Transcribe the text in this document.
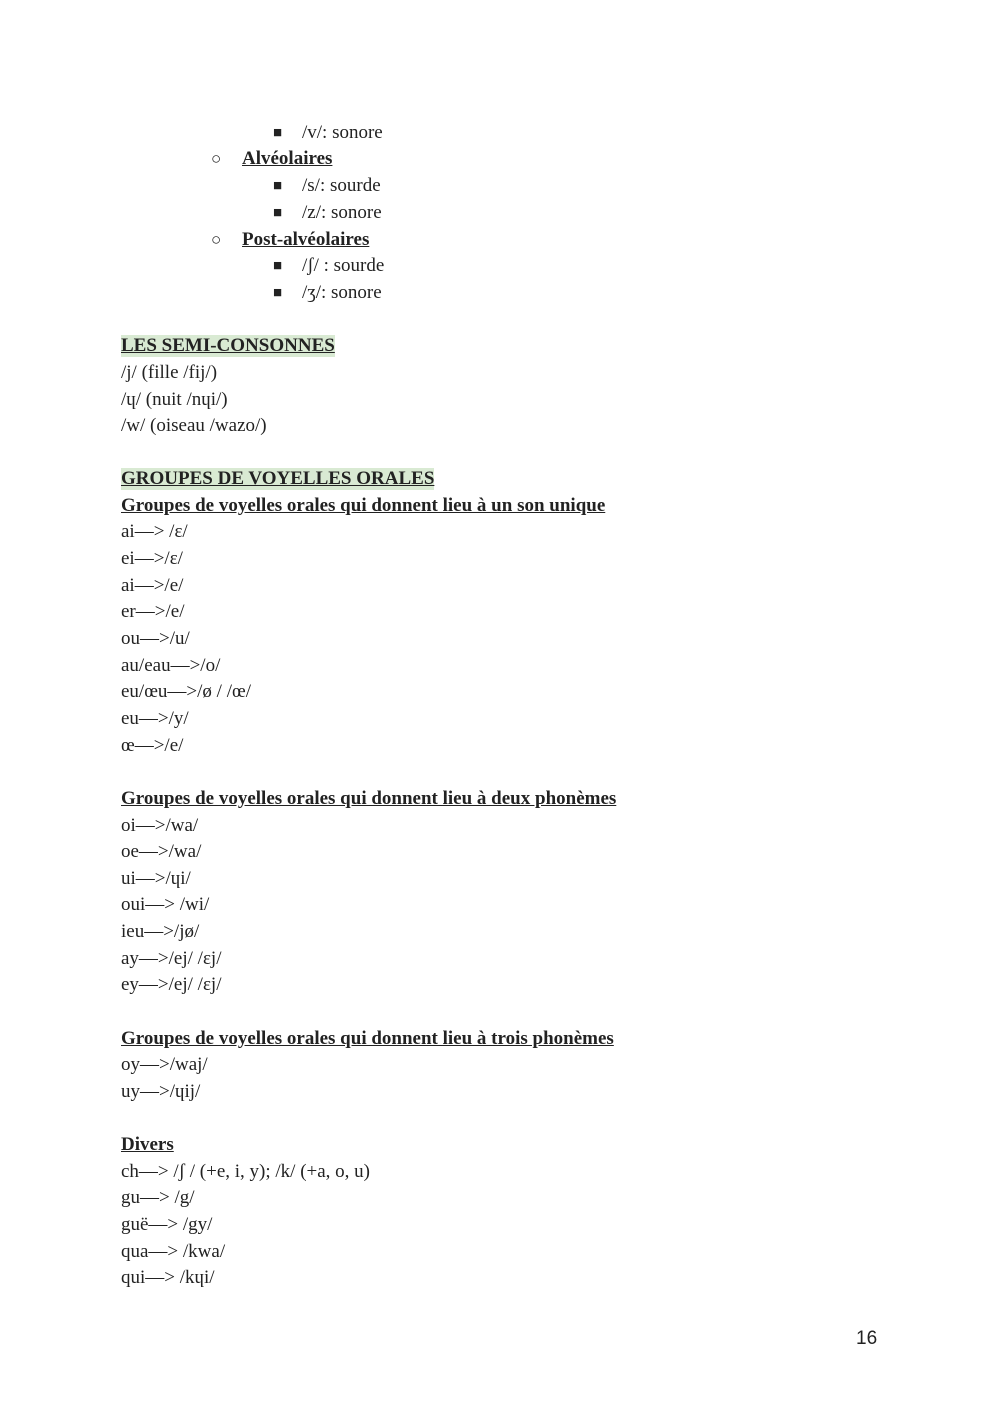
■ /v/: sonore
○ Alvéolaires
■ /s/: sourde
■ /z/: sonore
○ Post-alvéolaires
■ /ʃ/ : sourde
■ /ʒ/: sonore
LES SEMI-CONSONNES
/j/ (fille /fij/)
/ɥ/ (nuit /nɥi/)
/w/ (oiseau /wazo/)
GROUPES DE VOYELLES ORALES
Groupes de voyelles orales qui donnent lieu à un son unique
ai—> /ɛ/
ei—>/ɛ/
ai—>/e/
er—>/e/
ou—>/u/
au/eau—>/o/
eu/œu—>/ø / /œ/
eu—>/y/
œ—>/e/
Groupes de voyelles orales qui donnent lieu à deux phonèmes
oi—>/wa/
oe—>/wa/
ui—>/ɥi/
oui—> /wi/
ieu—>/jø/
ay—>/ej/ /ɛj/
ey—>/ej/ /ɛj/
Groupes de voyelles orales qui donnent lieu à trois phonèmes
oy—>/waj/
uy—>/ɥij/
Divers
ch—> /ʃ / (+e, i, y); /k/ (+a, o, u)
gu—> /g/
guë—> /gy/
qua—> /kwa/
qui—> /kɥi/
16
